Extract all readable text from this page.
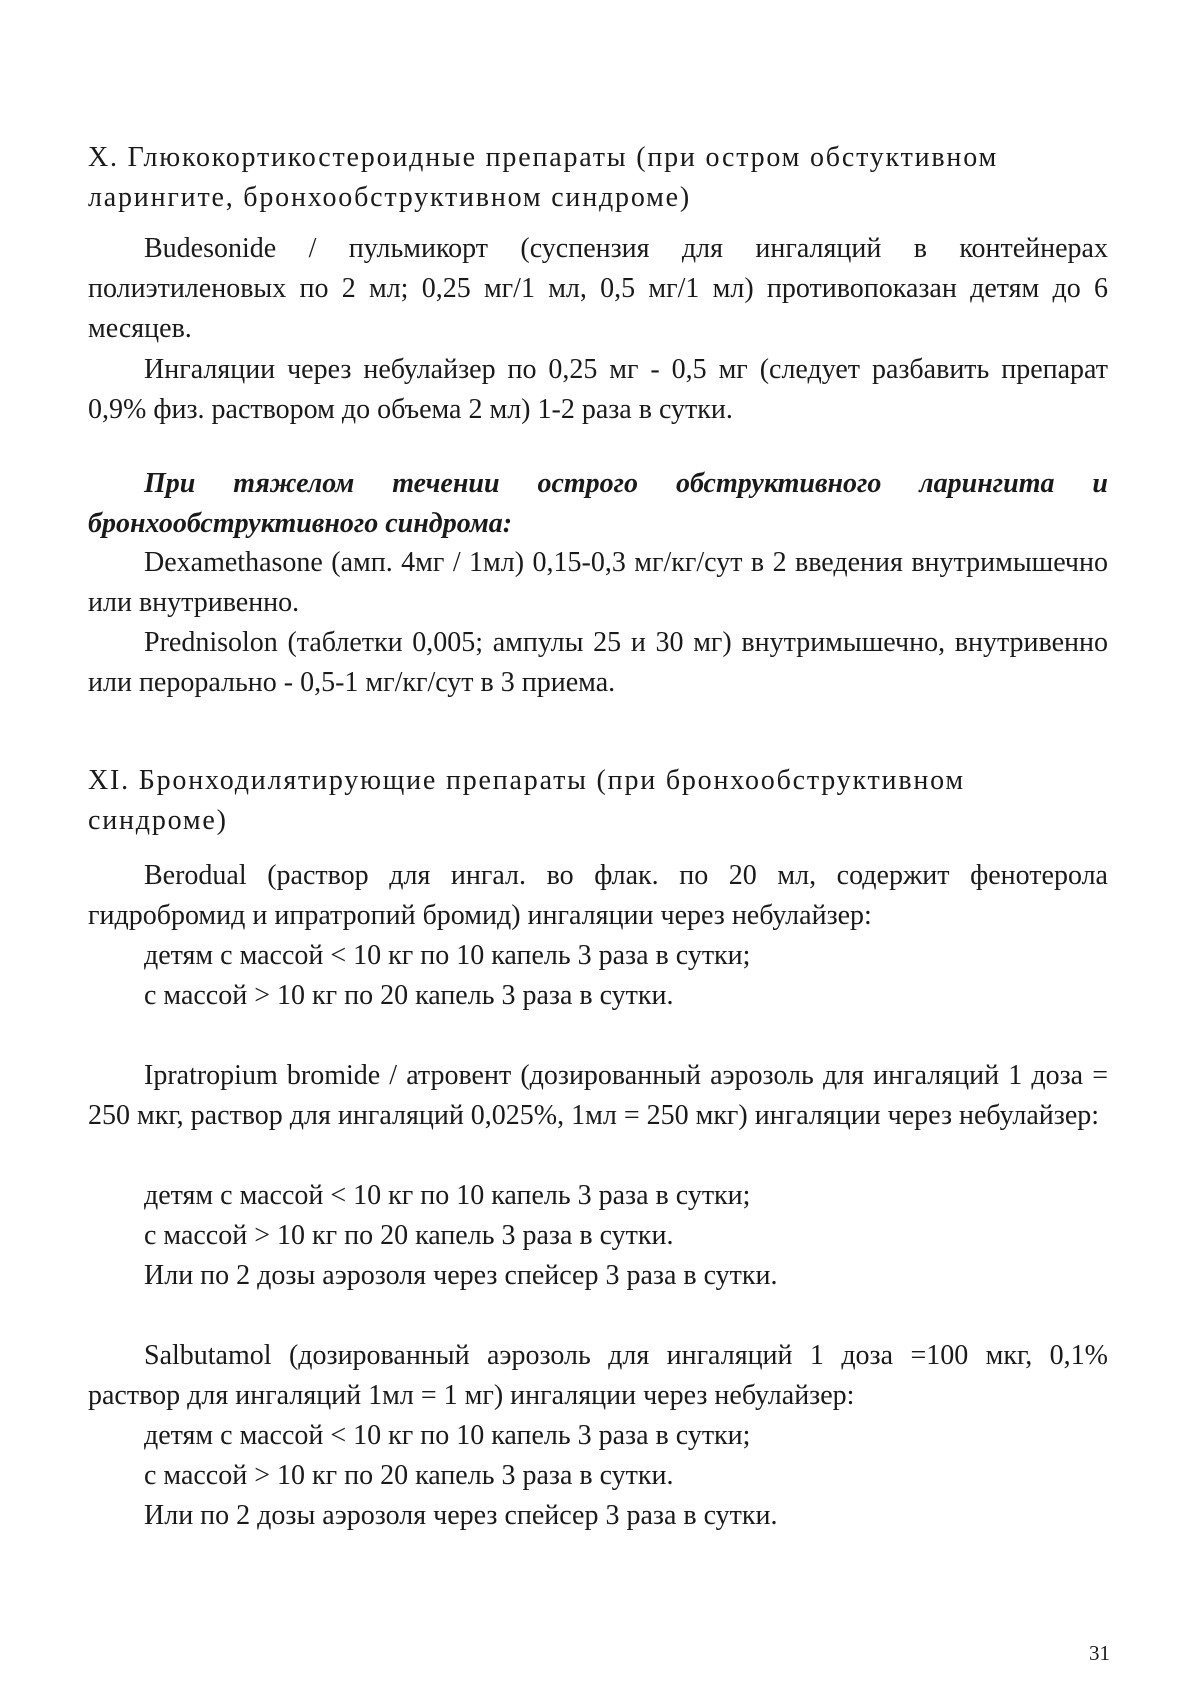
X. Глюкокортикостероидные препараты (при остром обстуктивном ларингите, бронхообструктивном синдроме)

Budesonide / пульмикорт (суспензия для ингаляций в контейнерах полиэтиленовых по 2 мл; 0,25 мг/1 мл, 0,5 мг/1 мл) противопоказан детям до 6 месяцев.

Ингаляции через небулайзер по 0,25 мг - 0,5 мг (следует разбавить препарат 0,9% физ. раствором до объема 2 мл) 1-2 раза в сутки.

При тяжелом течении острого обструктивного ларингита и бронхообструктивного синдрома:

Dexamethasone (амп. 4мг / 1мл) 0,15-0,3 мг/кг/сут в 2 введения внутримышечно или внутривенно.

Prednisolon (таблетки 0,005; ампулы 25 и 30 мг) внутримышечно, внутривенно или перорально - 0,5-1 мг/кг/сут в 3 приема.

XI. Бронходилятирующие препараты (при бронхообструктивном синдроме)

Berodual (раствор для ингал. во флак. по 20 мл, содержит фенотерола гидробромид и ипратропий бромид) ингаляции через небулайзер:

детям с массой < 10 кг по 10 капель 3 раза в сутки;

с массой > 10 кг по 20 капель 3 раза в сутки.

Ipratropium bromide / атровент (дозированный аэрозоль для ингаляций 1 доза = 250 мкг, раствор для ингаляций 0,025%, 1мл = 250 мкг) ингаляции через небулайзер:

детям с массой < 10 кг по 10 капель 3 раза в сутки;

с массой > 10 кг по 20 капель 3 раза в сутки.

Или по 2 дозы аэрозоля через спейсер 3 раза в сутки.

Salbutamol (дозированный аэрозоль для ингаляций 1 доза =100 мкг, 0,1% раствор для ингаляций 1мл = 1 мг) ингаляции через небулайзер:

детям с массой < 10 кг по 10 капель 3 раза в сутки;

с массой > 10 кг по 20 капель 3 раза в сутки.

Или по 2 дозы аэрозоля через спейсер 3 раза в сутки.

31
